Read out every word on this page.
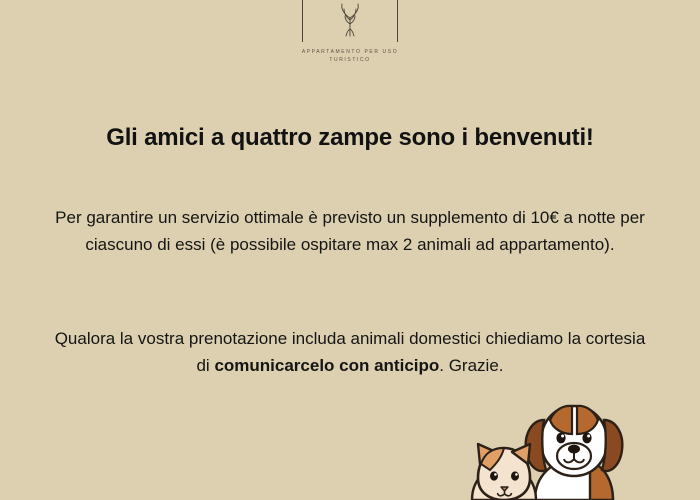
APPARTAMENTO PER USO
TURISTICO
Gli amici a quattro zampe sono i benvenuti!
Per garantire un servizio ottimale è previsto un supplemento di 10€ a notte per ciascuno di essi (è possibile ospitare max 2 animali ad appartamento).
Qualora la vostra prenotazione includa animali domestici chiediamo la cortesia di comunicarcelo con anticipo. Grazie.
